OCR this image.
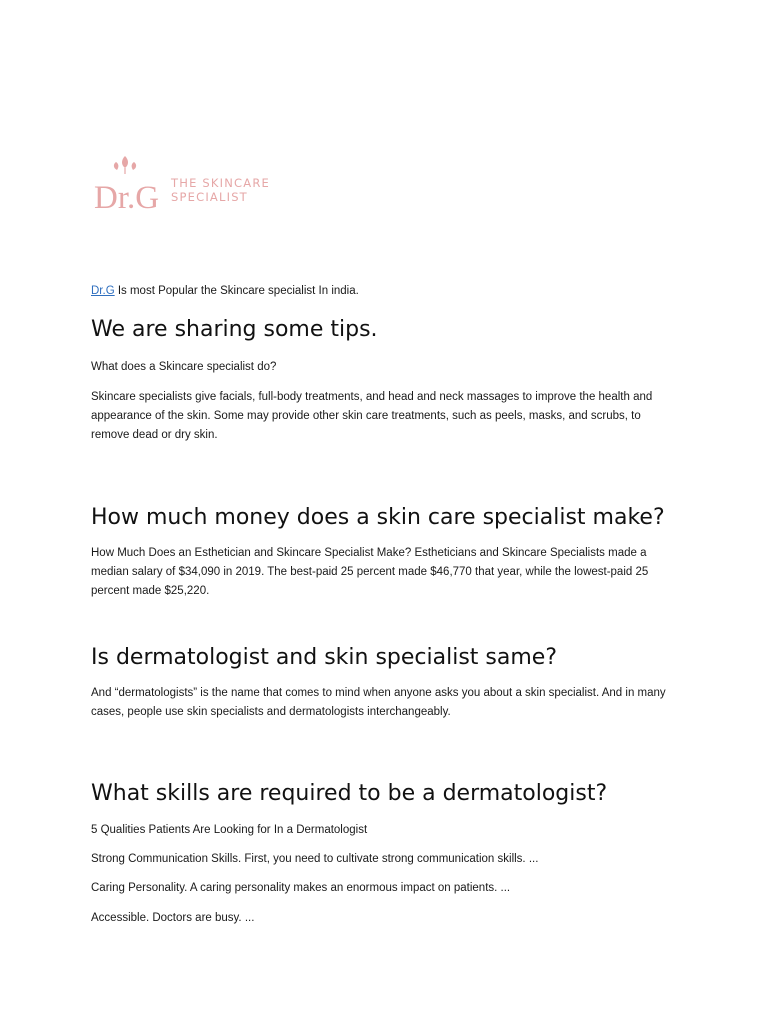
Dr.G THE SKINCARE
SPECIALIST

Dr.G Is most Popular the Skincare specialist In india.

We are sharing some tips.

What does a Skincare specialist do?

Skincare specialists give facials, full-body treatments, and head and neck massages to improve the health and appearance of the skin. Some may provide other skin care treatments, such as peels, masks, and scrubs, to remove dead or dry skin.

How much money does a skin care specialist make?

How Much Does an Esthetician and Skincare Specialist Make? Estheticians and Skincare Specialists made a median salary of $34,090 in 2019. The best-paid 25 percent made $46,770 that year, while the lowest-paid 25 percent made $25,220.

Is dermatologist and skin specialist same?

And “dermatologists” is the name that comes to mind when anyone asks you about a skin specialist. And in many cases, people use skin specialists and dermatologists interchangeably.

What skills are required to be a dermatologist?

5 Qualities Patients Are Looking for In a Dermatologist

Strong Communication Skills. First, you need to cultivate strong communication skills. ...

Caring Personality. A caring personality makes an enormous impact on patients. ...

Accessible. Doctors are busy. ...
